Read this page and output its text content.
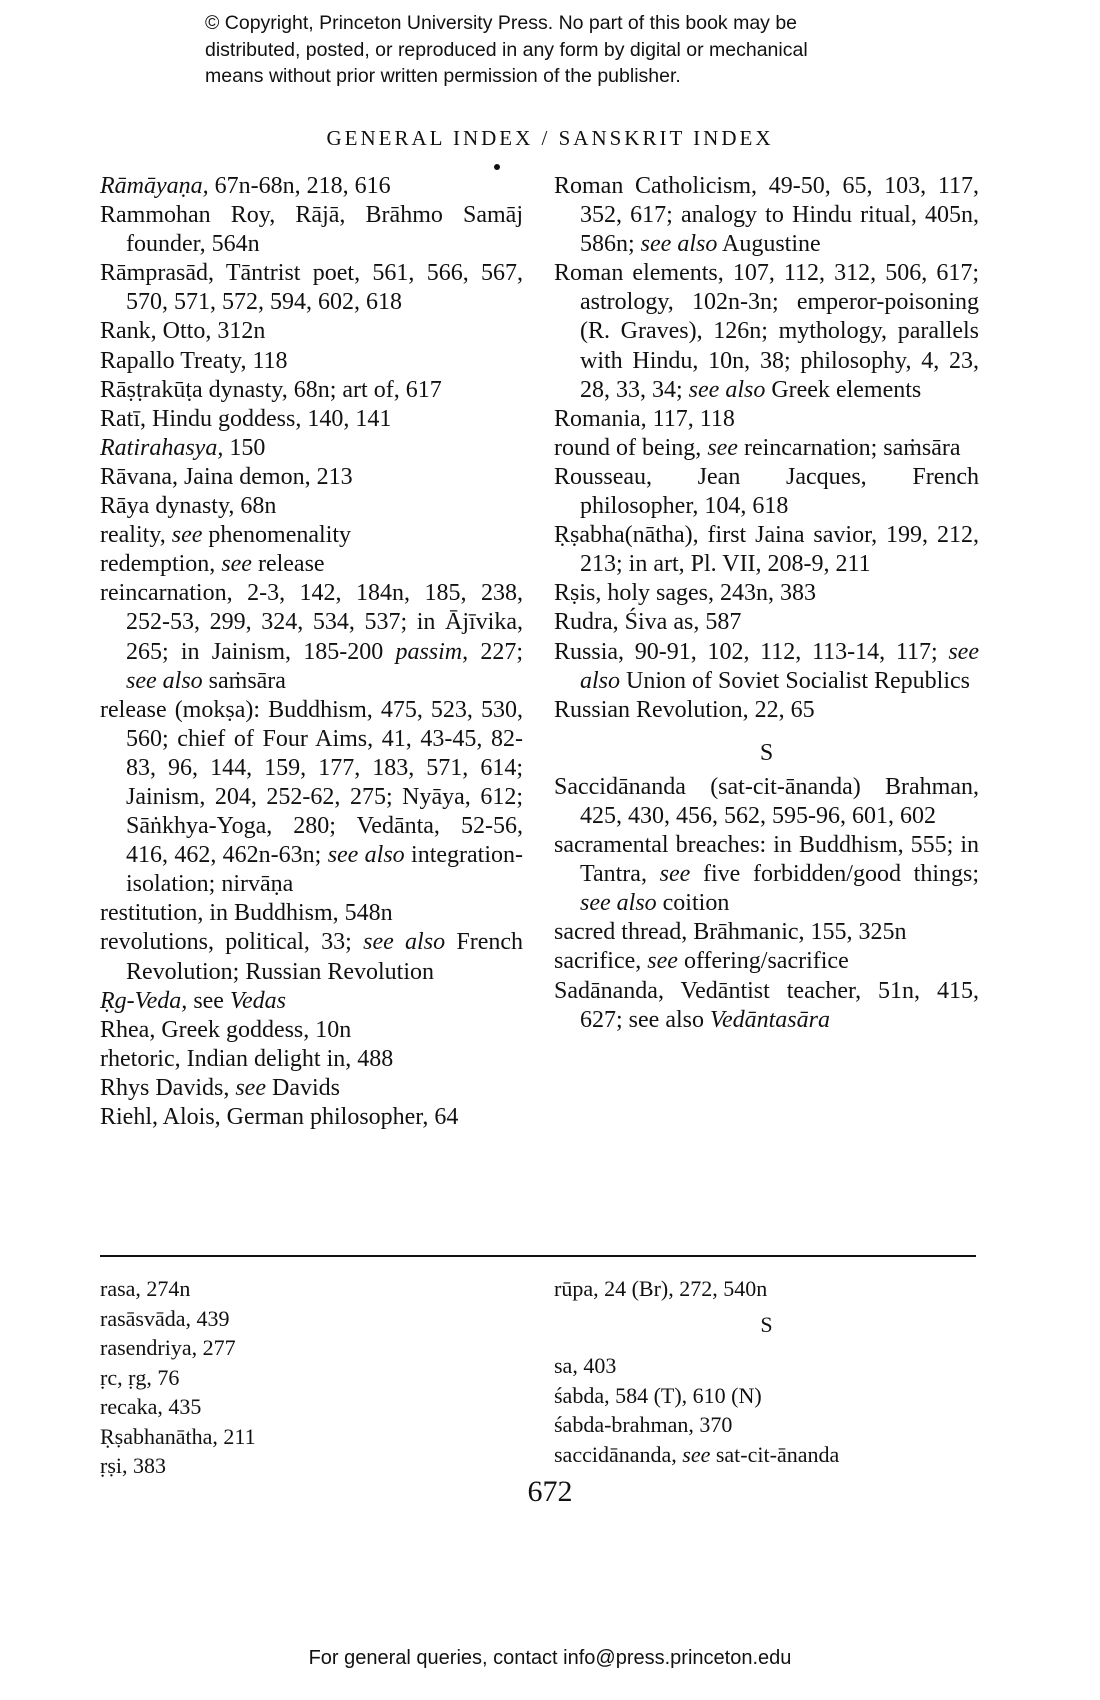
© Copyright, Princeton University Press. No part of this book may be
distributed, posted, or reproduced in any form by digital or mechanical
means without prior written permission of the publisher.
GENERAL INDEX / SANSKRIT INDEX
Rāmāyaṇa, 67n-68n, 218, 616
Rammohan Roy, Rājā, Brāhmo Samāj founder, 564n
Rāmprasād, Tāntrist poet, 561, 566, 567, 570, 571, 572, 594, 602, 618
Rank, Otto, 312n
Rapallo Treaty, 118
Rāṣṭrakūṭa dynasty, 68n; art of, 617
Ratī, Hindu goddess, 140, 141
Ratirahasya, 150
Rāvana, Jaina demon, 213
Rāya dynasty, 68n
reality, see phenomenality
redemption, see release
reincarnation, 2-3, 142, 184n, 185, 238, 252-53, 299, 324, 534, 537; in Ājīvika, 265; in Jainism, 185-200 passim, 227; see also saṁsāra
release (mokṣa): Buddhism, 475, 523, 530, 560; chief of Four Aims, 41, 43-45, 82-83, 96, 144, 159, 177, 183, 571, 614; Jainism, 204, 252-62, 275; Nyāya, 612; Sāṅkhya-Yoga, 280; Vedānta, 52-56, 416, 462, 462n-63n; see also integration-isolation; nirvāṇa
restitution, in Buddhism, 548n
revolutions, political, 33; see also French Revolution; Russian Revolution
Ṛg-Veda, see Vedas
Rhea, Greek goddess, 10n
rhetoric, Indian delight in, 488
Rhys Davids, see Davids
Riehl, Alois, German philosopher, 64
Roman Catholicism, 49-50, 65, 103, 117, 352, 617; analogy to Hindu ritual, 405n, 586n; see also Augustine
Roman elements, 107, 112, 312, 506, 617; astrology, 102n-3n; emperor-poisoning (R. Graves), 126n; mythology, parallels with Hindu, 10n, 38; philosophy, 4, 23, 28, 33, 34; see also Greek elements
Romania, 117, 118
round of being, see reincarnation; saṁsāra
Rousseau, Jean Jacques, French philosopher, 104, 618
Ṛṣabha(nātha), first Jaina savior, 199, 212, 213; in art, Pl. VII, 208-9, 211
Rṣis, holy sages, 243n, 383
Rudra, Śiva as, 587
Russia, 90-91, 102, 112, 113-14, 117; see also Union of Soviet Socialist Republics
Russian Revolution, 22, 65
S
Saccidānanda (sat-cit-ānanda) Brahman, 425, 430, 456, 562, 595-96, 601, 602
sacramental breaches: in Buddhism, 555; in Tantra, see five forbidden/good things; see also coition
sacred thread, Brāhmanic, 155, 325n
sacrifice, see offering/sacrifice
Sadānanda, Vedāntist teacher, 51n, 415, 627; see also Vedāntasāra
rasa, 274n
rasāsvāda, 439
rasendriya, 277
ṛc, ṛg, 76
recaka, 435
Ṛṣabhanātha, 211
ṛṣi, 383
rūpa, 24 (Br), 272, 540n
S
sa, 403
śabda, 584 (T), 610 (N)
śabda-brahman, 370
saccidānanda, see sat-cit-ānanda
672
For general queries, contact info@press.princeton.edu
